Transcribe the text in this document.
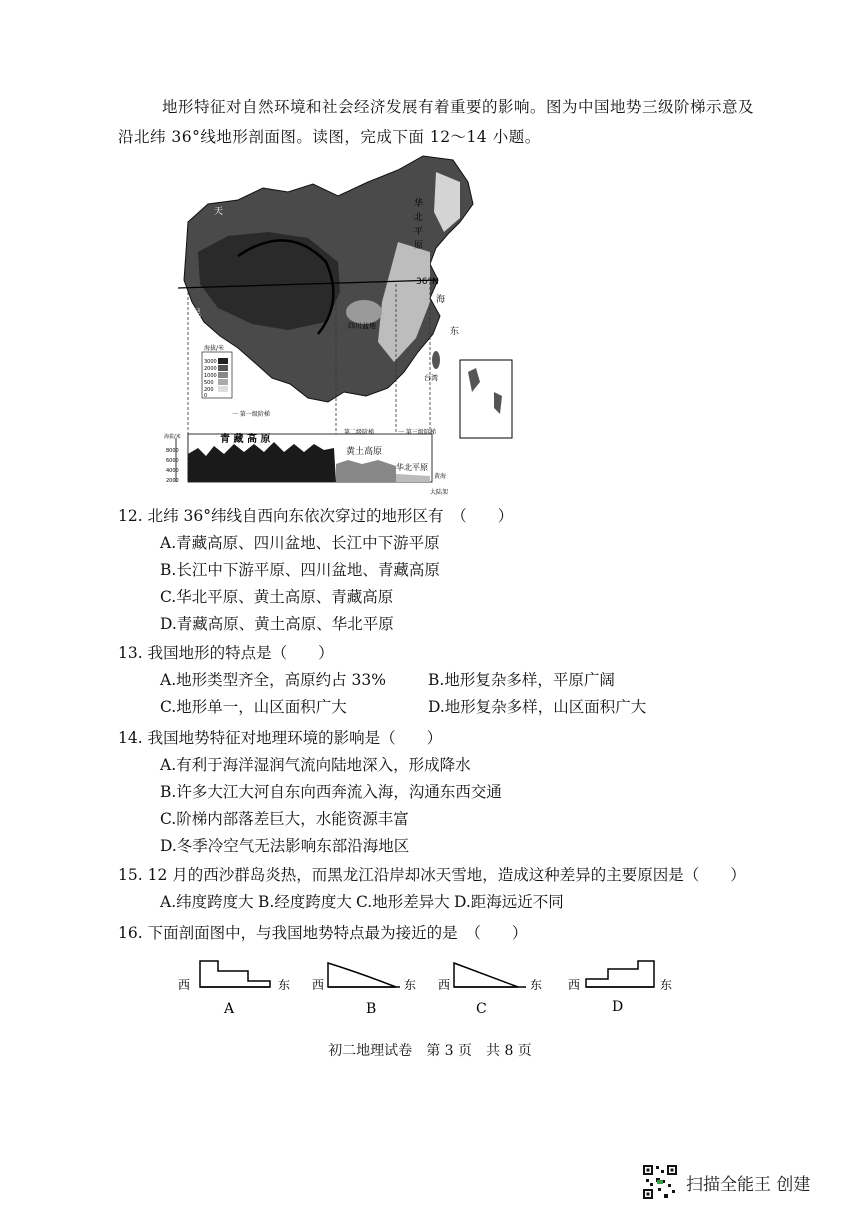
地形特征对自然环境和社会经济发展有着重要的影响。图为中国地势三级阶梯示意及
沿北纬 36°线地形剖面图。读图，完成下面 12～14 小题。
36°N
天
昆
华
北
平
原
海
东
四川盆地
台湾
海拔/米
3000
2000
1000
500
200
0
一 第一级阶梯
第二级阶梯	一 第三级阶梯
青 藏 高 原
黄土高原
华北平原
8000
6000
4000
2000
黄海
大陆架
海拔/米
12. 北纬 36°纬线自西向东依次穿过的地形区有　（　　）
A.青藏高原、四川盆地、长江中下游平原
B.长江中下游平原、四川盆地、青藏高原
C.华北平原、黄土高原、青藏高原
D.青藏高原、黄土高原、华北平原
13. 我国地形的特点是（　　）
A.地形类型齐全，高原约占 33%	B.地形复杂多样，平原广阔
C.地形单一，山区面积广大	D.地形复杂多样，山区面积广大
14. 我国地势特征对地理环境的影响是（　　）
A.有利于海洋湿润气流向陆地深入，形成降水
B.许多大江大河自东向西奔流入海，沟通东西交通
C.阶梯内部落差巨大，水能资源丰富
D.冬季冷空气无法影响东部沿海地区
15. 12 月的西沙群岛炎热，而黑龙江沿岸却冰天雪地，造成这种差异的主要原因是（　　）
A.纬度跨度大 B.经度跨度大 C.地形差异大 D.距海远近不同
16. 下面剖面图中，与我国地势特点最为接近的是　（　　）
西	东
A
西	东
B
西	东
C
西	东
D
初二地理试卷　 第 3 页　 共 8 页
扫描全能王 创建
